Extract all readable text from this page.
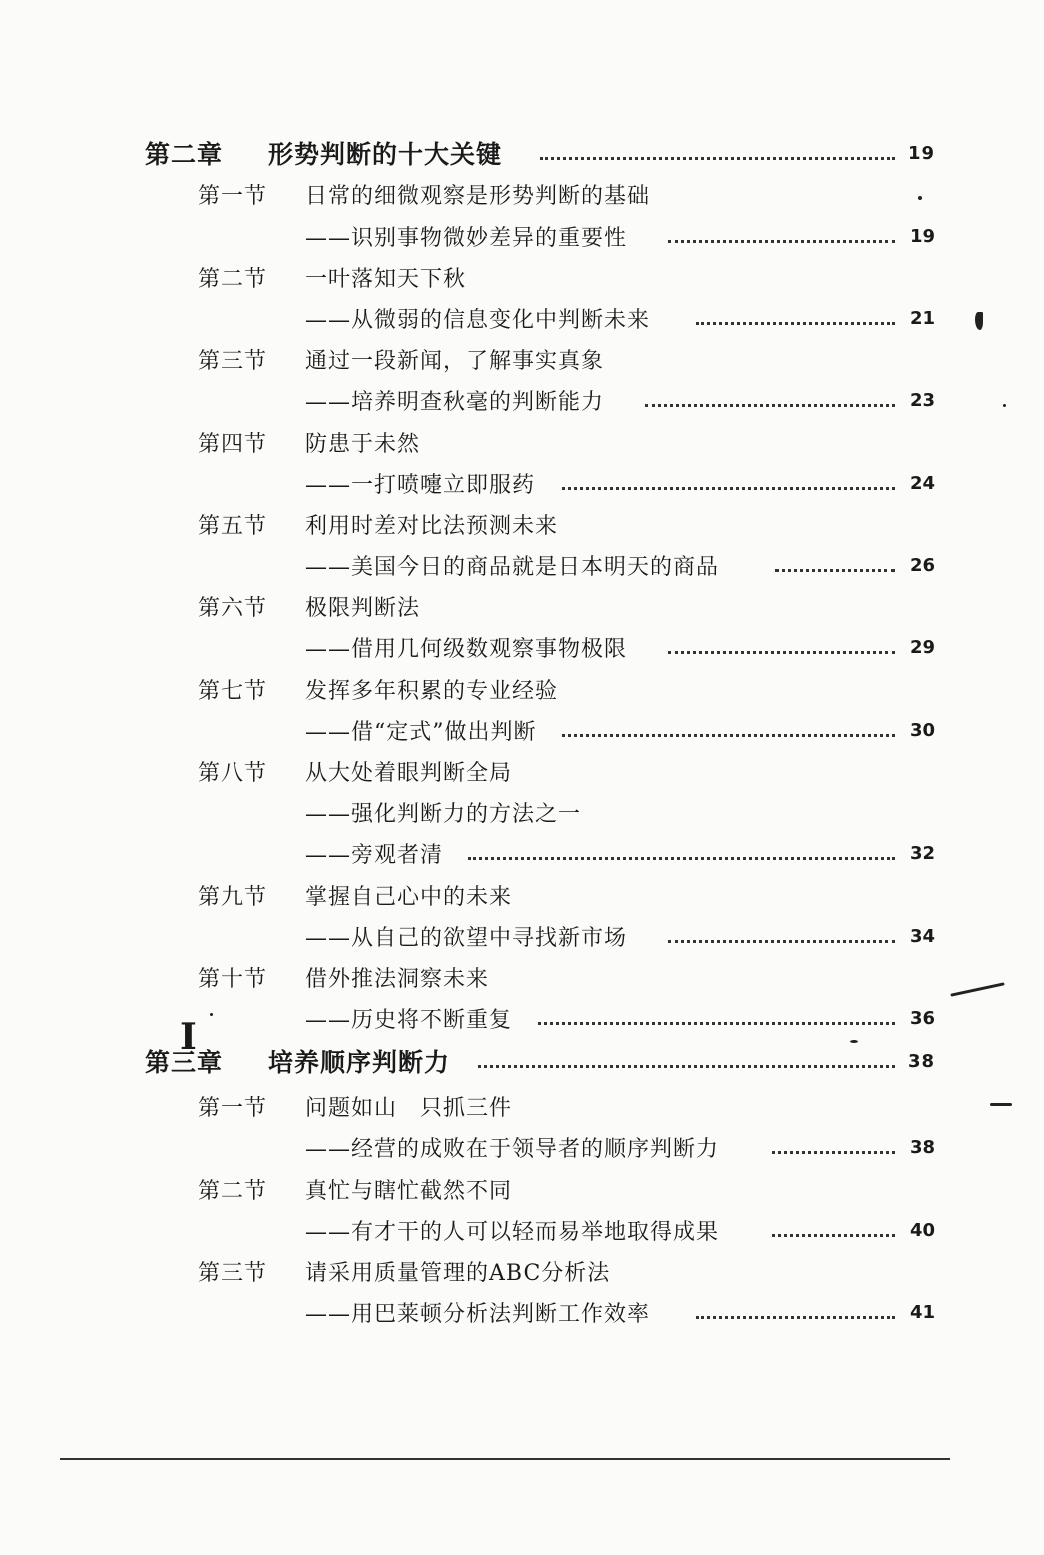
第二章 形势判断的十大关键	19
第一节 日常的细微观察是形势判断的基础
——识别事物微妙差异的重要性	19
第二节 一叶落知天下秋
——从微弱的信息变化中判断未来	21
第三节 通过一段新闻，了解事实真象
——培养明查秋毫的判断能力	23
第四节 防患于未然
——一打喷嚏立即服药	24
第五节 利用时差对比法预测未来
——美国今日的商品就是日本明天的商品	26
第六节 极限判断法
——借用几何级数观察事物极限	29
第七节 发挥多年积累的专业经验
——借“定式”做出判断	30
第八节 从大处着眼判断全局
——强化判断力的方法之一
——旁观者清	32
第九节 掌握自己心中的未来
——从自己的欲望中寻找新市场	34
第十节 借外推法洞察未来
——历史将不断重复	36
第三章 培养顺序判断力	38
第一节 问题如山　只抓三件
——经营的成败在于领导者的顺序判断力	38
第二节 真忙与瞎忙截然不同
——有才干的人可以轻而易举地取得成果	40
第三节 请采用质量管理的ABC分析法
——用巴莱顿分析法判断工作效率	41
I
